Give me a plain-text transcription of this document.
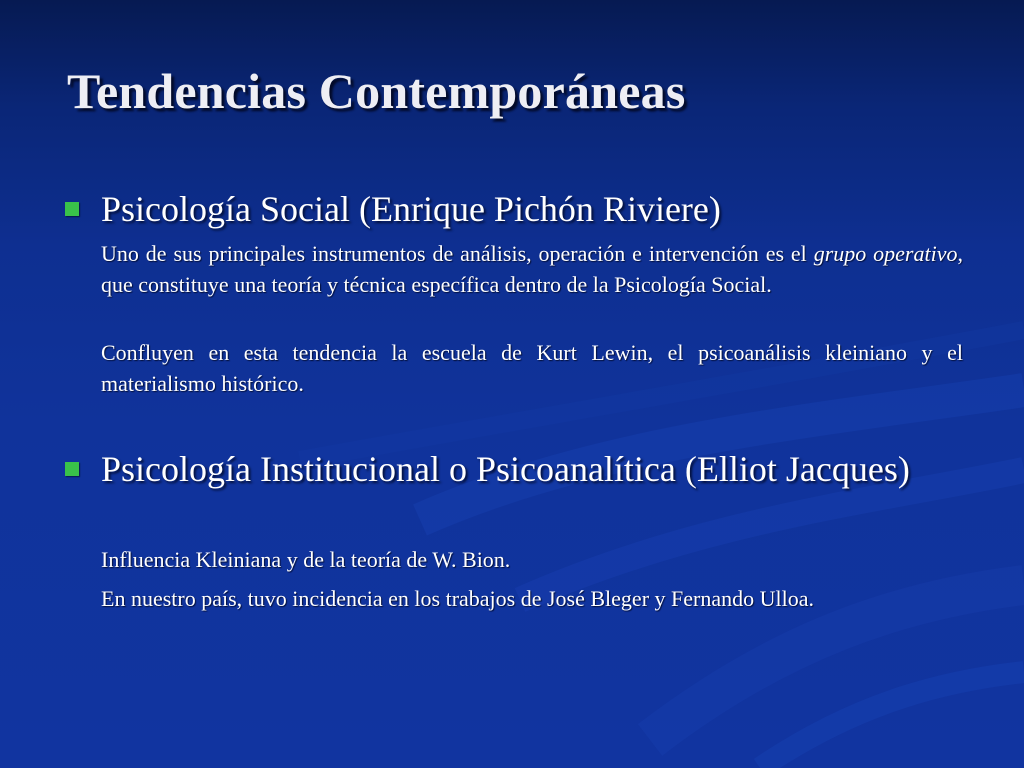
Tendencias Contemporáneas
Psicología Social (Enrique Pichón Riviere)

Uno de sus principales instrumentos de análisis, operación e intervención es el grupo operativo, que constituye una teoría y técnica específica dentro de la Psicología Social.

Confluyen en esta tendencia la escuela de Kurt Lewin, el psicoanálisis kleiniano y el materialismo histórico.

Psicología Institucional o Psicoanalítica (Elliot Jacques)

Influencia Kleiniana y de la teoría de W. Bion.

En nuestro país, tuvo incidencia en los trabajos de José Bleger y Fernando Ulloa.
